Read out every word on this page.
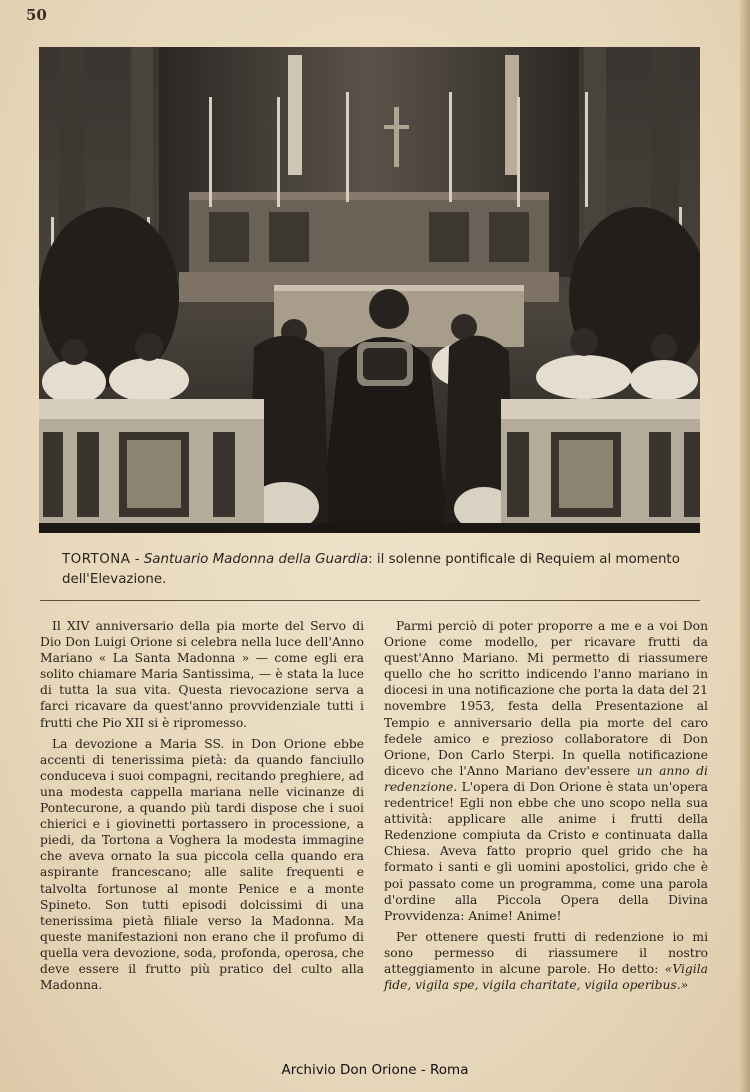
50
TORTONA - Santuario Madonna della Guardia: il solenne pontificale di Requiem al momento dell'Elevazione.

Il XIV anniversario della pia morte del Servo di Dio Don Luigi Orione si celebra nella luce dell'Anno Mariano « La Santa Madonna » — come egli era solito chiamare Maria Santissima, — è stata la luce di tutta la sua vita. Questa rievocazione serva a farci ricavare da quest'anno provvidenziale tutti i frutti che Pio XII si è ripromesso.

La devozione a Maria SS. in Don Orione ebbe accenti di tenerissima pietà: da quando fanciullo conduceva i suoi compagni, recitando preghiere, ad una modesta cappella mariana nelle vicinanze di Pontecurone, a quando più tardi dispose che i suoi chierici e i giovinetti portassero in processione, a piedi, da Tortona a Voghera la modesta immagine che aveva ornato la sua piccola cella quando era aspirante francescano; alle salite frequenti e talvolta fortunose al monte Penice e a monte Spineto. Son tutti episodi dolcissimi di una tenerissima pietà filiale verso la Madonna. Ma queste manifestazioni non erano che il profumo di quella vera devozione, soda, profonda, operosa, che deve essere il frutto più pratico del culto alla Madonna.

Parmi perciò di poter proporre a me e a voi Don Orione come modello, per ricavare frutti da quest'Anno Mariano. Mi permetto di riassumere quello che ho scritto indicendo l'anno mariano in diocesi in una notificazione che porta la data del 21 novembre 1953, festa della Presentazione al Tempio e anniversario della pia morte del caro fedele amico e prezioso collaboratore di Don Orione, Don Carlo Sterpi. In quella notificazione dicevo che l'Anno Mariano dev'essere un anno di redenzione. L'opera di Don Orione è stata un'opera redentrice! Egli non ebbe che uno scopo nella sua attività: applicare alle anime i frutti della Redenzione compiuta da Cristo e continuata dalla Chiesa. Aveva fatto proprio quel grido che ha formato i santi e gli uomini apostolici, grido che è poi passato come un programma, come una parola d'ordine alla Piccola Opera della Divina Provvidenza: Anime! Anime!

Per ottenere questi frutti di redenzione io mi sono permesso di riassumere il nostro atteggiamento in alcune parole. Ho detto: «Vigila fide, vigila spe, vigila charitate, vigila operibus.»

Archivio Don Orione - Roma
